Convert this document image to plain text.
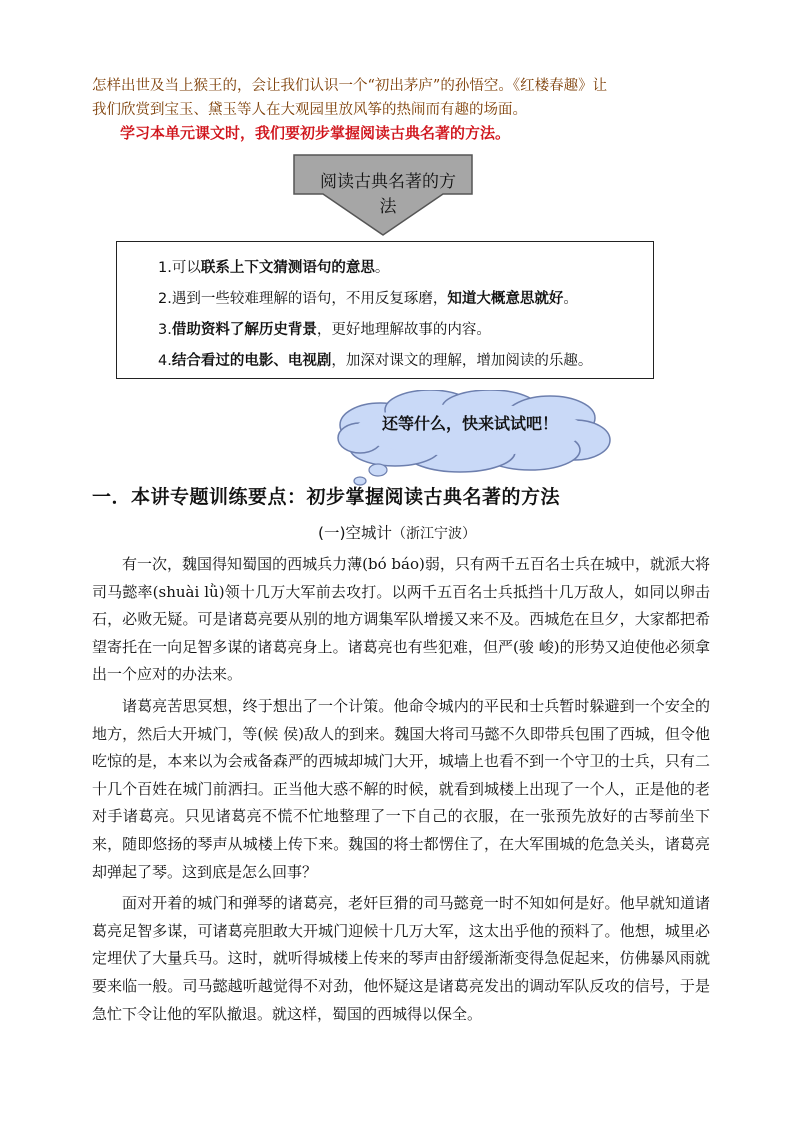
怎样出世及当上猴王的，会让我们认识一个“初出茅庐”的孙悟空。《红楼春趣》让

我们欣赏到宝玉、黛玉等人在大观园里放风筝的热闹而有趣的场面。

学习本单元课文时，我们要初步掌握阅读古典名著的方法。
阅读古典名著的方法
1.可以联系上下文猜测语句的意思。
2.遇到一些较难理解的语句，不用反复琢磨，知道大概意思就好。
3.借助资料了解历史背景，更好地理解故事的内容。
4.结合看过的电影、电视剧，加深对课文的理解，增加阅读的乐趣。
还等什么，快来试试吧！
一．本讲专题训练要点：初步掌握阅读古典名著的方法
(一)空城计（浙江宁波）

有一次，魏国得知蜀国的西城兵力薄(bó báo)弱，只有两千五百名士兵在城中，就派大将司马懿率(shuài lǜ)领十几万大军前去攻打。以两千五百名士兵抵挡十几万敌人，如同以卵击石，必败无疑。可是诸葛亮要从别的地方调集军队增援又来不及。西城危在旦夕，大家都把希望寄托在一向足智多谋的诸葛亮身上。诸葛亮也有些犯难，但严(骏 峻)的形势又迫使他必须拿出一个应对的办法来。

诸葛亮苦思冥想，终于想出了一个计策。他命令城内的平民和士兵暂时躲避到一个安全的地方，然后大开城门，等(候 侯)敌人的到来。魏国大将司马懿不久即带兵包围了西城，但令他吃惊的是，本来以为会戒备森严的西城却城门大开，城墙上也看不到一个守卫的士兵，只有二十几个百姓在城门前洒扫。正当他大惑不解的时候，就看到城楼上出现了一个人，正是他的老对手诸葛亮。只见诸葛亮不慌不忙地整理了一下自己的衣服，在一张预先放好的古琴前坐下来，随即悠扬的琴声从城楼上传下来。魏国的将士都愣住了，在大军围城的危急关头，诸葛亮却弹起了琴。这到底是怎么回事？

面对开着的城门和弹琴的诸葛亮，老奸巨猾的司马懿竟一时不知如何是好。他早就知道诸葛亮足智多谋，可诸葛亮胆敢大开城门迎候十几万大军，这太出乎他的预料了。他想，城里必定埋伏了大量兵马。这时，就听得城楼上传来的琴声由舒缓渐渐变得急促起来，仿佛暴风雨就要来临一般。司马懿越听越觉得不对劲，他怀疑这是诸葛亮发出的调动军队反攻的信号，于是急忙下令让他的军队撤退。就这样，蜀国的西城得以保全。
